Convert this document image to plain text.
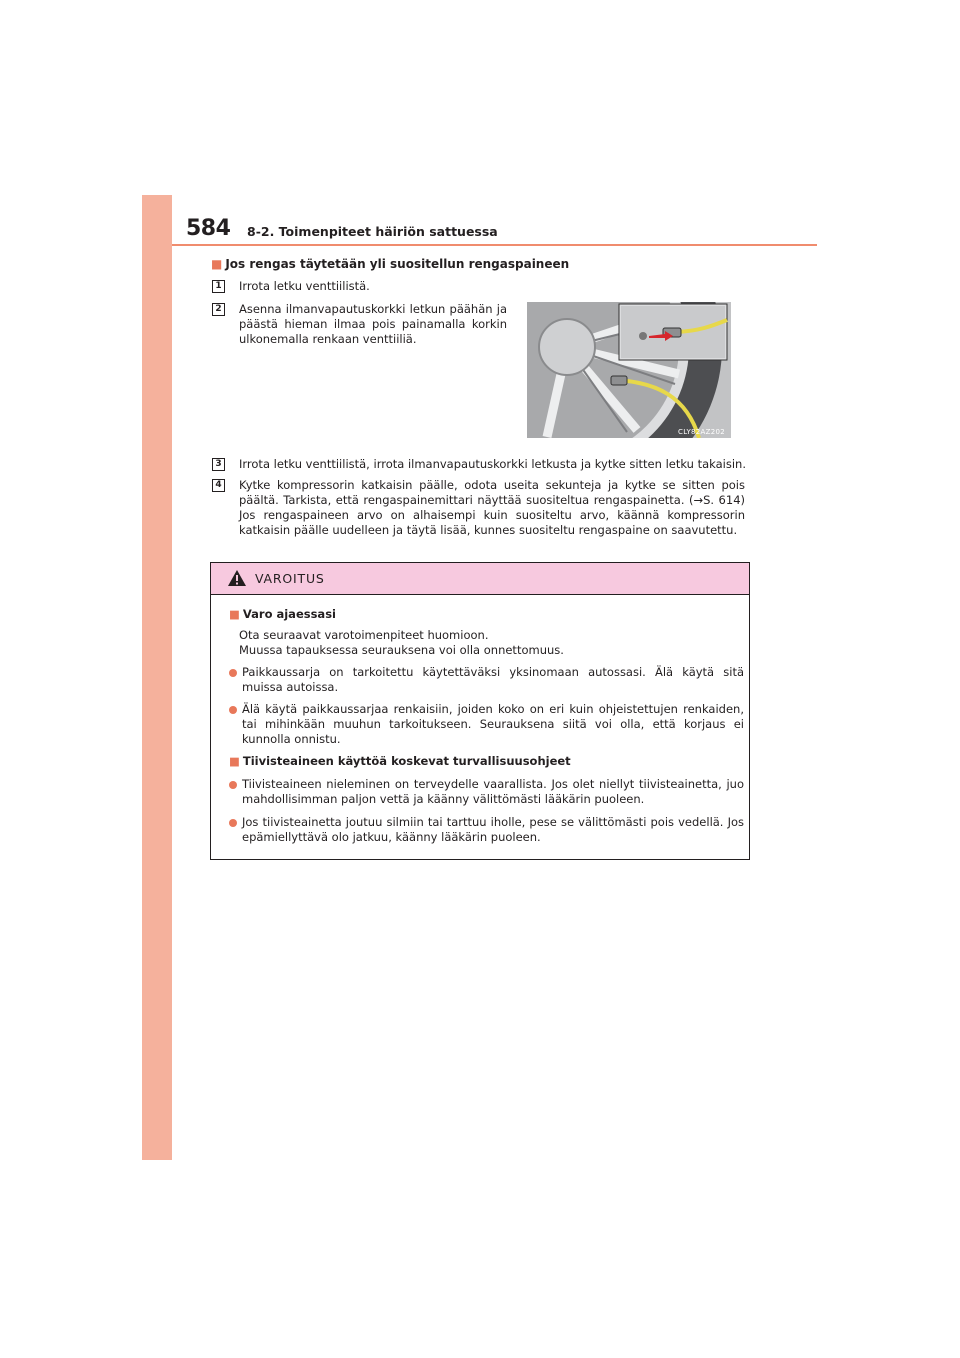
584 8-2. Toimenpiteet häiriön sattuessa
■ Jos rengas täytetään yli suositellun rengaspaineen
1 Irrota letku venttiilistä.
2 Asenna ilmanvapautuskorkki letkun päähän ja päästä hieman ilmaa pois painamalla korkin ulkonemalla renkaan venttiiliä.
CLY82AZ202
3 Irrota letku venttiilistä, irrota ilmanvapautuskorkki letkusta ja kytke sitten letku takaisin.
4 Kytke kompressorin katkaisin päälle, odota useita sekunteja ja kytke se sitten pois päältä. Tarkista, että rengaspainemittari näyttää suositeltua rengaspainetta. (→S. 614) Jos rengaspaineen arvo on alhaisempi kuin suositeltu arvo, käännä kompressorin katkaisin päälle uudelleen ja täytä lisää, kunnes suositeltu rengaspaine on saavutettu.
VAROITUS
■ Varo ajaessasi
Ota seuraavat varotoimenpiteet huomioon.
Muussa tapauksessa seurauksena voi olla onnettomuus.
Paikkaussarja on tarkoitettu käytettäväksi yksinomaan autossasi. Älä käytä sitä muissa autoissa.
Älä käytä paikkaussarjaa renkaisiin, joiden koko on eri kuin ohjeistettujen renkaiden, tai mihinkään muuhun tarkoitukseen. Seurauksena siitä voi olla, että korjaus ei kunnolla onnistu.
■ Tiivisteaineen käyttöä koskevat turvallisuusohjeet
Tiivisteaineen nieleminen on terveydelle vaarallista. Jos olet niellyt tiivisteainetta, juo mahdollisimman paljon vettä ja käänny välittömästi lääkärin puoleen.
Jos tiivisteainetta joutuu silmiin tai tarttuu iholle, pese se välittömästi pois vedellä. Jos epämiellyttävä olo jatkuu, käänny lääkärin puoleen.
